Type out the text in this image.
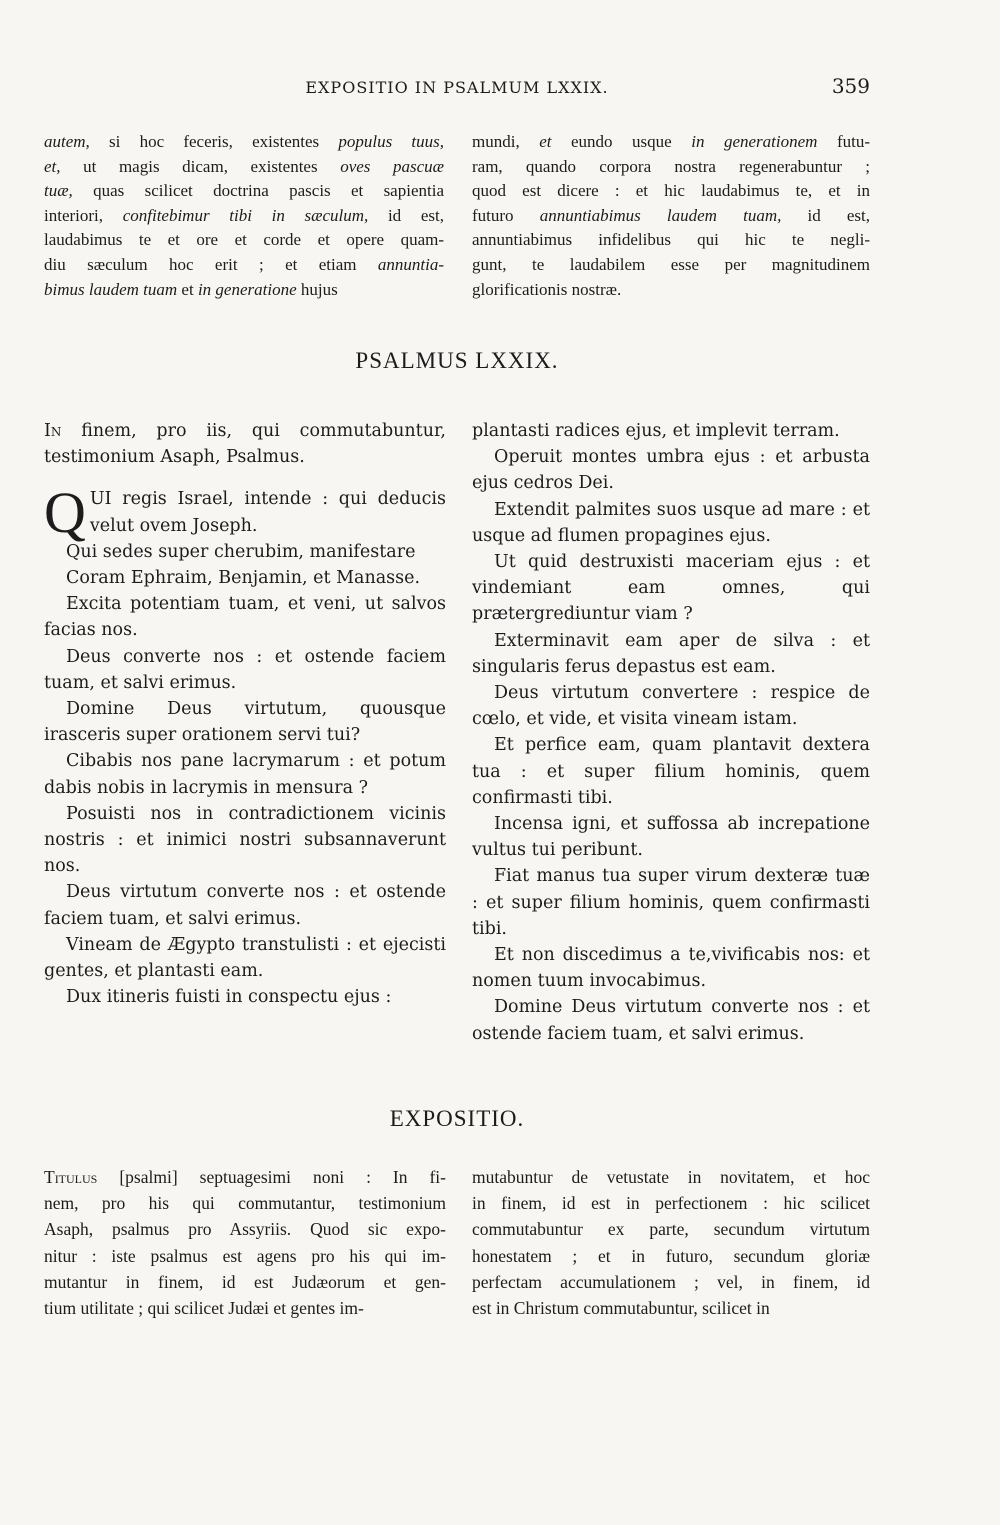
EXPOSITIO IN PSALMUM LXXIX.	359

autem, si hoc feceris, existentes populus tuus,

et, ut magis dicam, existentes oves pascuæ

tuæ, quas scilicet doctrina pascis et sapientia

interiori, confitebimur tibi in sæculum, id est,

laudabimus te et ore et corde et opere quam-

diu sæculum hoc erit ; et etiam annuntia-

bimus laudem tuam et in generatione hujus

mundi, et eundo usque in generationem futu-

ram, quando corpora nostra regenerabuntur ;

quod est dicere : et hic laudabimus te, et in

futuro annuntiabimus laudem tuam, id est,

annuntiabimus infidelibus qui hic te negli-

gunt, te laudabilem esse per magnitudinem

glorificationis nostræ.

PSALMUS LXXIX.

In finem, pro iis, qui commutabuntur, testimonium Asaph, Psalmus.

QUI regis Israel, intende : qui deducis velut ovem Joseph.

Qui sedes super cherubim, manifestare

Coram Ephraim, Benjamin, et Manasse.

Excita potentiam tuam, et veni, ut salvos facias nos.

Deus converte nos : et ostende faciem tuam, et salvi erimus.

Domine Deus virtutum, quousque irasceris super orationem servi tui?

Cibabis nos pane lacrymarum : et potum dabis nobis in lacrymis in mensura ?

Posuisti nos in contradictionem vicinis nostris : et inimici nostri subsannaverunt nos.

Deus virtutum converte nos : et ostende faciem tuam, et salvi erimus.

Vineam de Ægypto transtulisti : et ejecisti gentes, et plantasti eam.

Dux itineris fuisti in conspectu ejus :

plantasti radices ejus, et implevit terram.

Operuit montes umbra ejus : et arbusta ejus cedros Dei.

Extendit palmites suos usque ad mare : et usque ad flumen propagines ejus.

Ut quid destruxisti maceriam ejus : et vindemiant eam omnes, qui prætergrediuntur viam ?

Exterminavit eam aper de silva : et singularis ferus depastus est eam.

Deus virtutum convertere : respice de cœlo, et vide, et visita vineam istam.

Et perfice eam, quam plantavit dextera tua : et super filium hominis, quem confirmasti tibi.

Incensa igni, et suffossa ab increpatione vultus tui peribunt.

Fiat manus tua super virum dexteræ tuæ : et super filium hominis, quem confirmasti tibi.

Et non discedimus a te,vivificabis nos: et nomen tuum invocabimus.

Domine Deus virtutum converte nos : et ostende faciem tuam, et salvi erimus.

EXPOSITIO.

Titulus [psalmi] septuagesimi noni : In fi-

nem, pro his qui commutantur, testimonium

Asaph, psalmus pro Assyriis. Quod sic expo-

nitur : iste psalmus est agens pro his qui im-

mutantur in finem, id est Judæorum et gen-

tium utilitate ; qui scilicet Judæi et gentes im-

mutabuntur de vetustate in novitatem, et hoc

in finem, id est in perfectionem : hic scilicet

commutabuntur ex parte, secundum virtutum

honestatem ; et in futuro, secundum gloriæ

perfectam accumulationem ; vel, in finem, id

est in Christum commutabuntur, scilicet in
